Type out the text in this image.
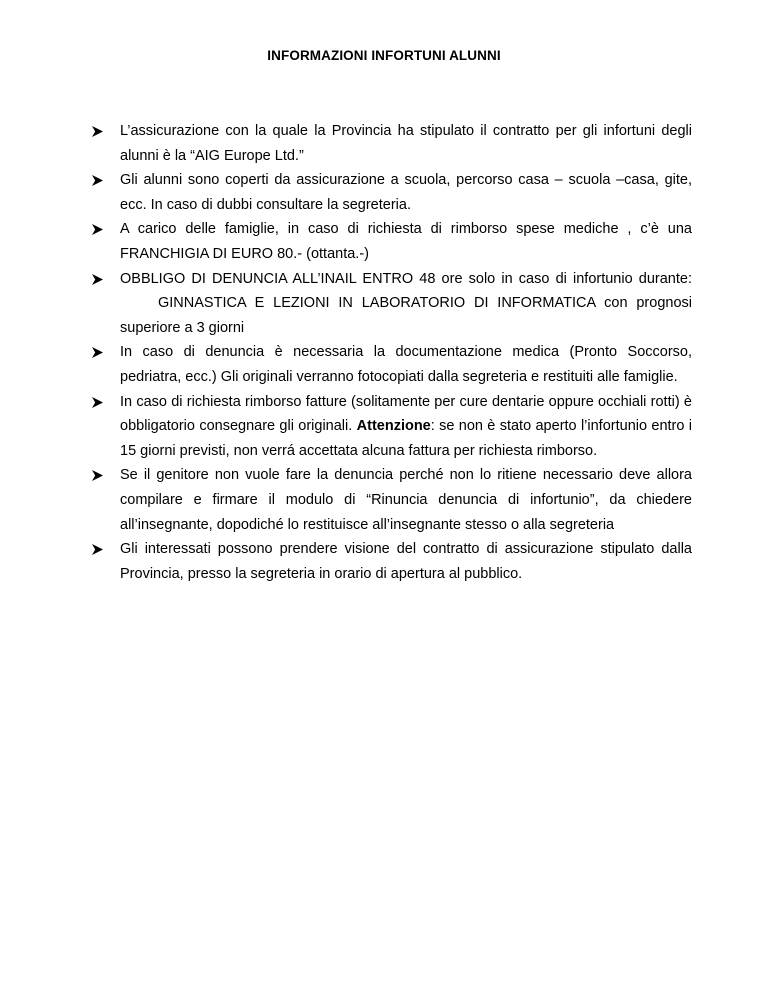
INFORMAZIONI INFORTUNI ALUNNI
L’assicurazione con la quale la Provincia ha stipulato il contratto per gli infortuni degli alunni è la “AIG Europe Ltd.”
Gli alunni sono coperti da assicurazione a scuola, percorso casa – scuola –casa, gite, ecc. In caso di dubbi consultare la segreteria.
A carico delle famiglie, in caso di richiesta di rimborso spese mediche , c’è una FRANCHIGIA DI EURO 80.- (ottanta.-)
OBBLIGO DI DENUNCIA ALL’INAIL ENTRO 48 ore solo in caso di infortunio durante:GINNASTICA E LEZIONI IN LABORATORIO DI INFORMATICA con prognosi superiore a 3 giorni
In caso di denuncia è necessaria la documentazione medica (Pronto Soccorso, pedriatra, ecc.) Gli originali verranno fotocopiati dalla segreteria e restituiti alle famiglie.
In caso di richiesta rimborso fatture (solitamente per cure dentarie oppure occhiali rotti) è obbligatorio consegnare gli originali. Attenzione: se non è stato aperto l’infortunio entro i 15 giorni previsti, non verrá accettata alcuna fattura per richiesta rimborso.
Se il genitore non vuole fare la denuncia perché non lo ritiene necessario deve allora compilare e firmare il modulo di “Rinuncia denuncia di infortunio”, da chiedere all’insegnante, dopodiché lo restituisce all’insegnante stesso o alla segreteria
Gli interessati possono prendere visione del contratto di assicurazione stipulato dalla Provincia, presso la segreteria in orario di apertura al pubblico.
